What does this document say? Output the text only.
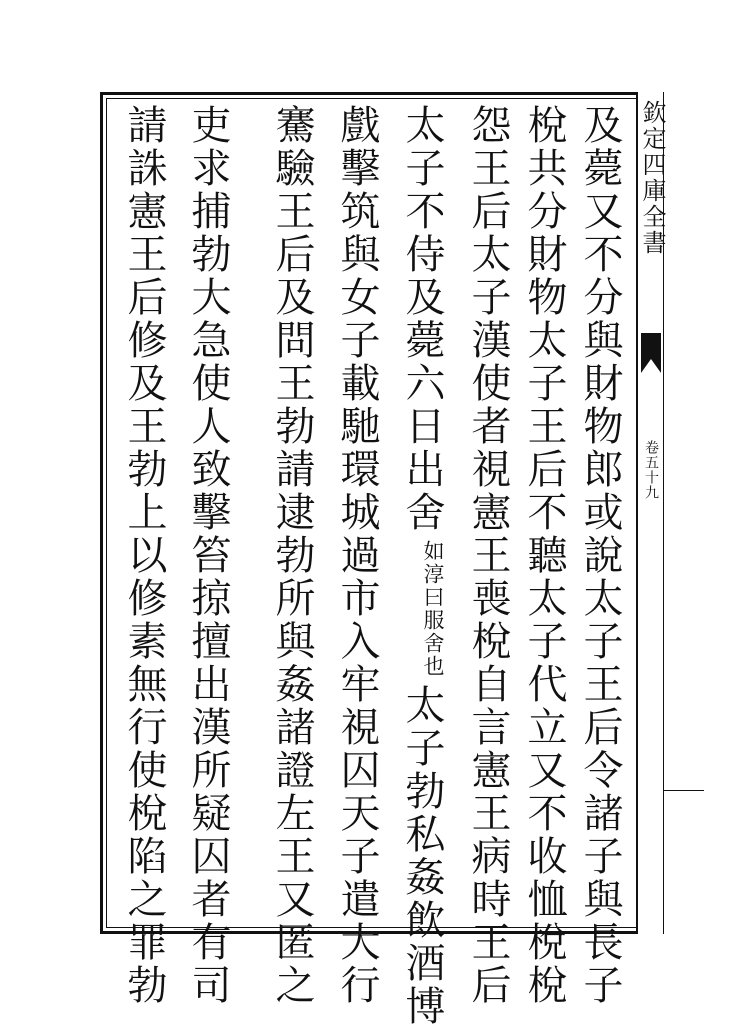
欽定四庫全書
卷五十九
及薨又不分與財物郎或說太子王后令諸子與長子
梲共分財物太子王后不聽太子代立又不收恤梲梲
怨王后太子漢使者視憲王喪梲自言憲王病時王后
太子不侍及薨六日出舍如淳曰服舍也太子勃私姦飲酒博
戲擊筑與女子載馳環城過市入牢視囚天子遣大行
騫驗王后及問王勃請逮勃所與姦諸證左王又匿之
吏求捕勃大急使人致擊笞掠擅出漢所疑囚者有司
請誅憲王后修及王勃上以修素無行使梲陷之罪勃
